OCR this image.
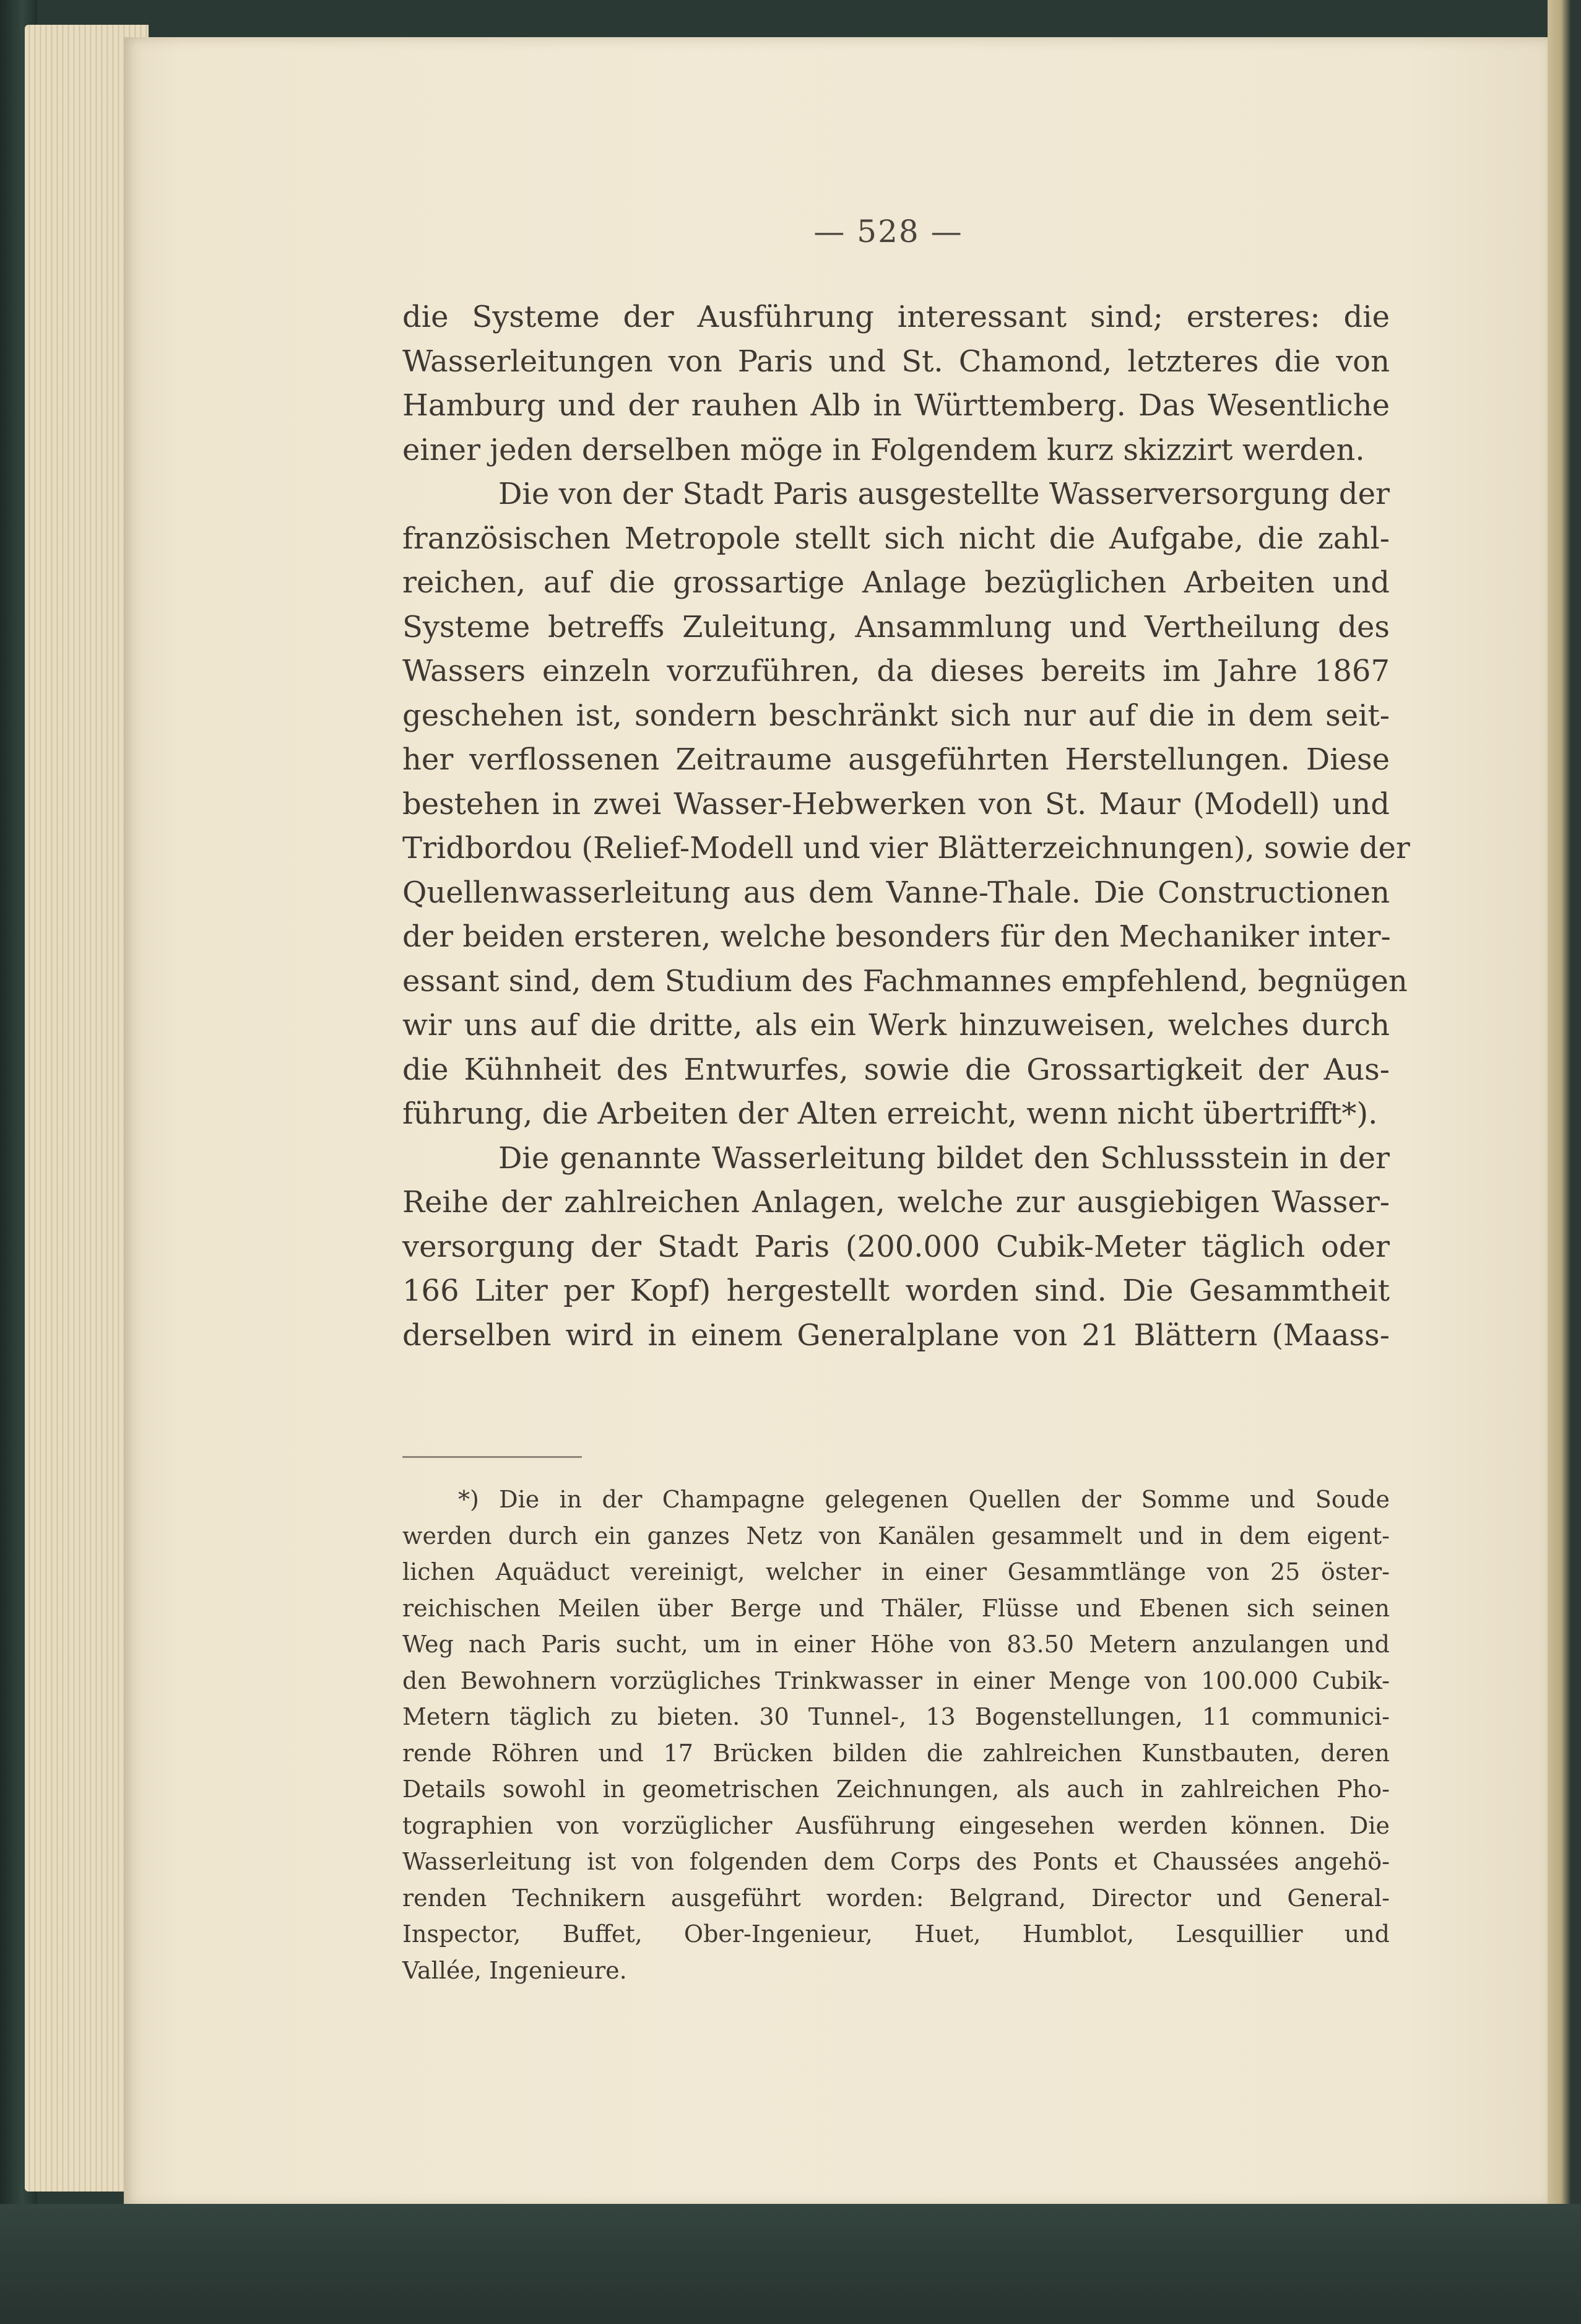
— 528 —
die Systeme der Ausführung interessant sind; ersteres: die
Wasserleitungen von Paris und St. Chamond, letzteres die von
Hamburg und der rauhen Alb in Württemberg. Das Wesentliche
einer jeden derselben möge in Folgendem kurz skizzirt werden.
Die von der Stadt Paris ausgestellte Wasserversorgung der
französischen Metropole stellt sich nicht die Aufgabe, die zahl-
reichen, auf die grossartige Anlage bezüglichen Arbeiten und
Systeme betreffs Zuleitung, Ansammlung und Vertheilung des
Wassers einzeln vorzuführen, da dieses bereits im Jahre 1867
geschehen ist, sondern beschränkt sich nur auf die in dem seit-
her verflossenen Zeitraume ausgeführten Herstellungen. Diese
bestehen in zwei Wasser-Hebwerken von St. Maur (Modell) und
Tridbordou (Relief-Modell und vier Blätterzeichnungen), sowie der
Quellenwasserleitung aus dem Vanne-Thale. Die Constructionen
der beiden ersteren, welche besonders für den Mechaniker inter-
essant sind, dem Studium des Fachmannes empfehlend, begnügen
wir uns auf die dritte, als ein Werk hinzuweisen, welches durch
die Kühnheit des Entwurfes, sowie die Grossartigkeit der Aus-
führung, die Arbeiten der Alten erreicht, wenn nicht übertrifft*).
Die genannte Wasserleitung bildet den Schlussstein in der
Reihe der zahlreichen Anlagen, welche zur ausgiebigen Wasser-
versorgung der Stadt Paris (200.000 Cubik-Meter täglich oder
166 Liter per Kopf) hergestellt worden sind. Die Gesammtheit
derselben wird in einem Generalplane von 21 Blättern (Maass-
*) Die in der Champagne gelegenen Quellen der Somme und Soude
werden durch ein ganzes Netz von Kanälen gesammelt und in dem eigent-
lichen Aquäduct vereinigt, welcher in einer Gesammtlänge von 25 öster-
reichischen Meilen über Berge und Thäler, Flüsse und Ebenen sich seinen
Weg nach Paris sucht, um in einer Höhe von 83.50 Metern anzulangen und
den Bewohnern vorzügliches Trinkwasser in einer Menge von 100.000 Cubik-
Metern täglich zu bieten. 30 Tunnel-, 13 Bogenstellungen, 11 communici-
rende Röhren und 17 Brücken bilden die zahlreichen Kunstbauten, deren
Details sowohl in geometrischen Zeichnungen, als auch in zahlreichen Pho-
tographien von vorzüglicher Ausführung eingesehen werden können. Die
Wasserleitung ist von folgenden dem Corps des Ponts et Chaussées angehö-
renden Technikern ausgeführt worden: Belgrand, Director und General-
Inspector, Buffet, Ober-Ingenieur, Huet, Humblot, Lesquillier und
Vallée, Ingenieure.
